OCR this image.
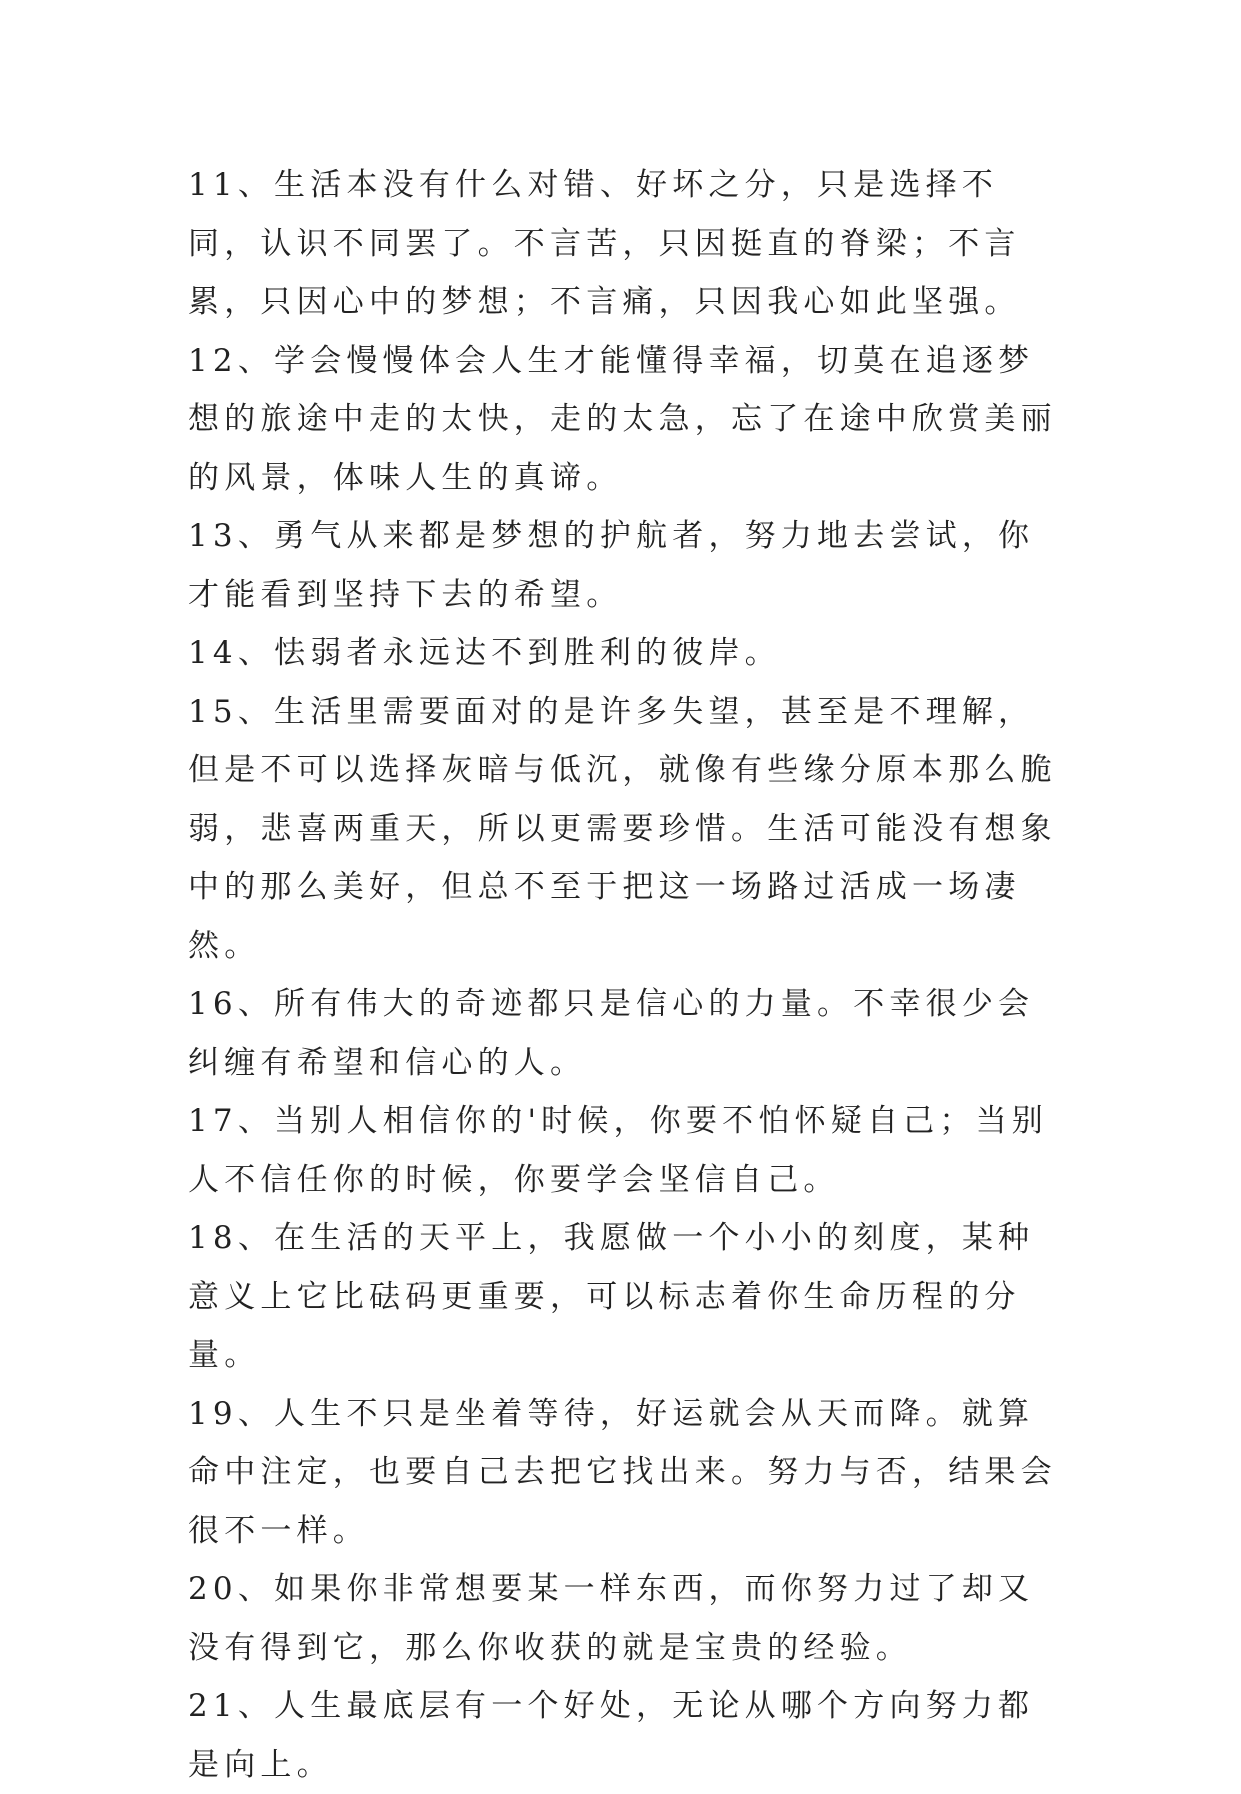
11、生活本没有什么对错、好坏之分，只是选择不同，认识不同罢了。不言苦，只因挺直的脊梁；不言累，只因心中的梦想；不言痛，只因我心如此坚强。

12、学会慢慢体会人生才能懂得幸福，切莫在追逐梦想的旅途中走的太快，走的太急，忘了在途中欣赏美丽的风景，体味人生的真谛。

13、勇气从来都是梦想的护航者，努力地去尝试，你才能看到坚持下去的希望。

14、怯弱者永远达不到胜利的彼岸。

15、生活里需要面对的是许多失望，甚至是不理解，但是不可以选择灰暗与低沉，就像有些缘分原本那么脆弱，悲喜两重天，所以更需要珍惜。生活可能没有想象中的那么美好，但总不至于把这一场路过活成一场凄然。

16、所有伟大的奇迹都只是信心的力量。不幸很少会纠缠有希望和信心的人。

17、当别人相信你的'时候，你要不怕怀疑自己；当别人不信任你的时候，你要学会坚信自己。

18、在生活的天平上，我愿做一个小小的刻度，某种意义上它比砝码更重要，可以标志着你生命历程的分量。

19、人生不只是坐着等待，好运就会从天而降。就算命中注定，也要自己去把它找出来。努力与否，结果会很不一样。

20、如果你非常想要某一样东西，而你努力过了却又没有得到它，那么你收获的就是宝贵的经验。

21、人生最底层有一个好处，无论从哪个方向努力都是向上。
